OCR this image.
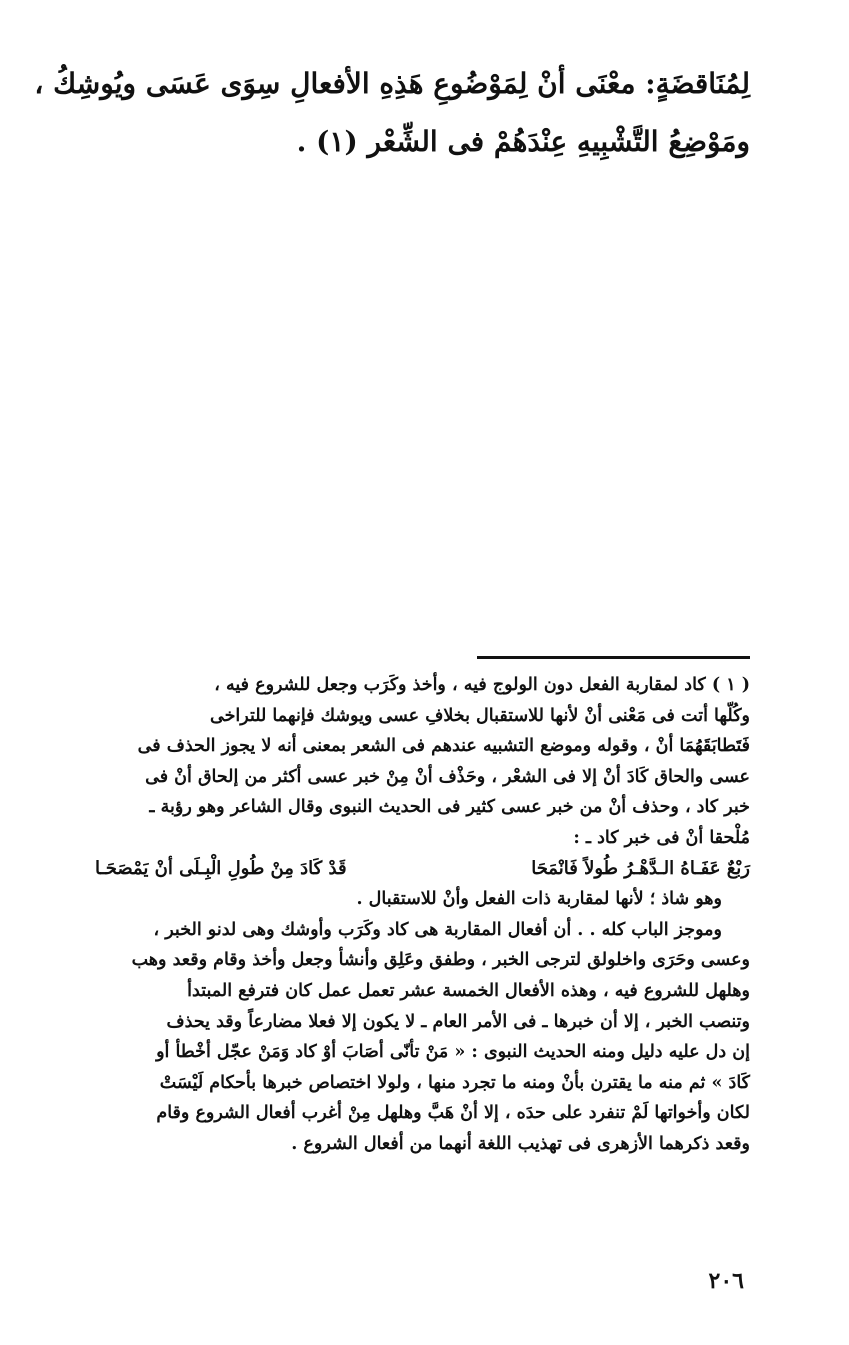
لِمُنَاقضَةٍ: معْنَى أنْ لِمَوْضُوعِ هَذِهِ الأفعالِ سِوَى عَسَى ويُوشِكُ ،
ومَوْضِعُ التَّشْبِيهِ عِنْدَهُمْ فى الشِّعْر (١) .
( ١ ) كاد لمقاربة الفعل دون الولوج فيه ، وأخذ وكَرَب وجعل للشروع فيه ،
وكُلّها أتت فى مَعْنى أنْ لأنها للاستقبال بخلافِ عسى ويوشك فإنهما للتراخى
فَتَطابَقَهُمَا أنْ ، وقوله وموضع التشبيه عندهم فى الشعر بمعنى أنه لا يجوز الحذف فى
عسى والحاق كَادَ أنْ إلا فى الشعْر ، وحَذْف أنْ مِنْ خبر عسى أكثر من إلحاق أنْ فى
خبر كاد ، وحذف أنْ من خبر عسى كثير فى الحديث النبوى وقال الشاعر وهو رؤبة ـ
مُلْحقا أنْ فى خبر كاد ـ :
رَبْعٌ عَفَـاهُ الـدَّهْـرُ طُولاً فَانْمَحَا
قَدْ كَادَ مِنْ طُولِ الْبِـلَى أنْ يَمْصَحَـا
وهو شاذ ؛ لأنها لمقاربة ذات الفعل وأنْ للاستقبال .
وموجز الباب كله . . أن أفعال المقاربة هى كاد وكَرَب وأوشك وهى لدنو الخبر ،
وعسى وحَرَى واخلولق لترجى الخبر ، وطفق وعَلِق وأنشأ وجعل وأخذ وقام وقعد وهب
وهلهل للشروع فيه ، وهذه الأفعال الخمسة عشر تعمل عمل كان فترفع المبتدأ
وتنصب الخبر ، إلا أن خبرها ـ فى الأمر العام ـ لا يكون إلا فعلا مضارعاً وقد يحذف
إن دل عليه دليل ومنه الحديث النبوى : « مَنْ تأنّى أصَابَ أوْ كاد وَمَنْ عجّل أخْطأ أو
كَادَ » ثم منه ما يقترن بأنْ ومنه ما تجرد منها ، ولولا اختصاص خبرها بأحكام لَيْسَتْ
لكان وأخواتها لَمْ تنفرد على حدَه ، إلا أنْ هَبَّ وهلهل مِنْ أغرب أفعال الشروع وقام
وقعد ذكرهما الأزهرى فى تهذيب اللغة أنهما من أفعال الشروع .
٢٠٦
